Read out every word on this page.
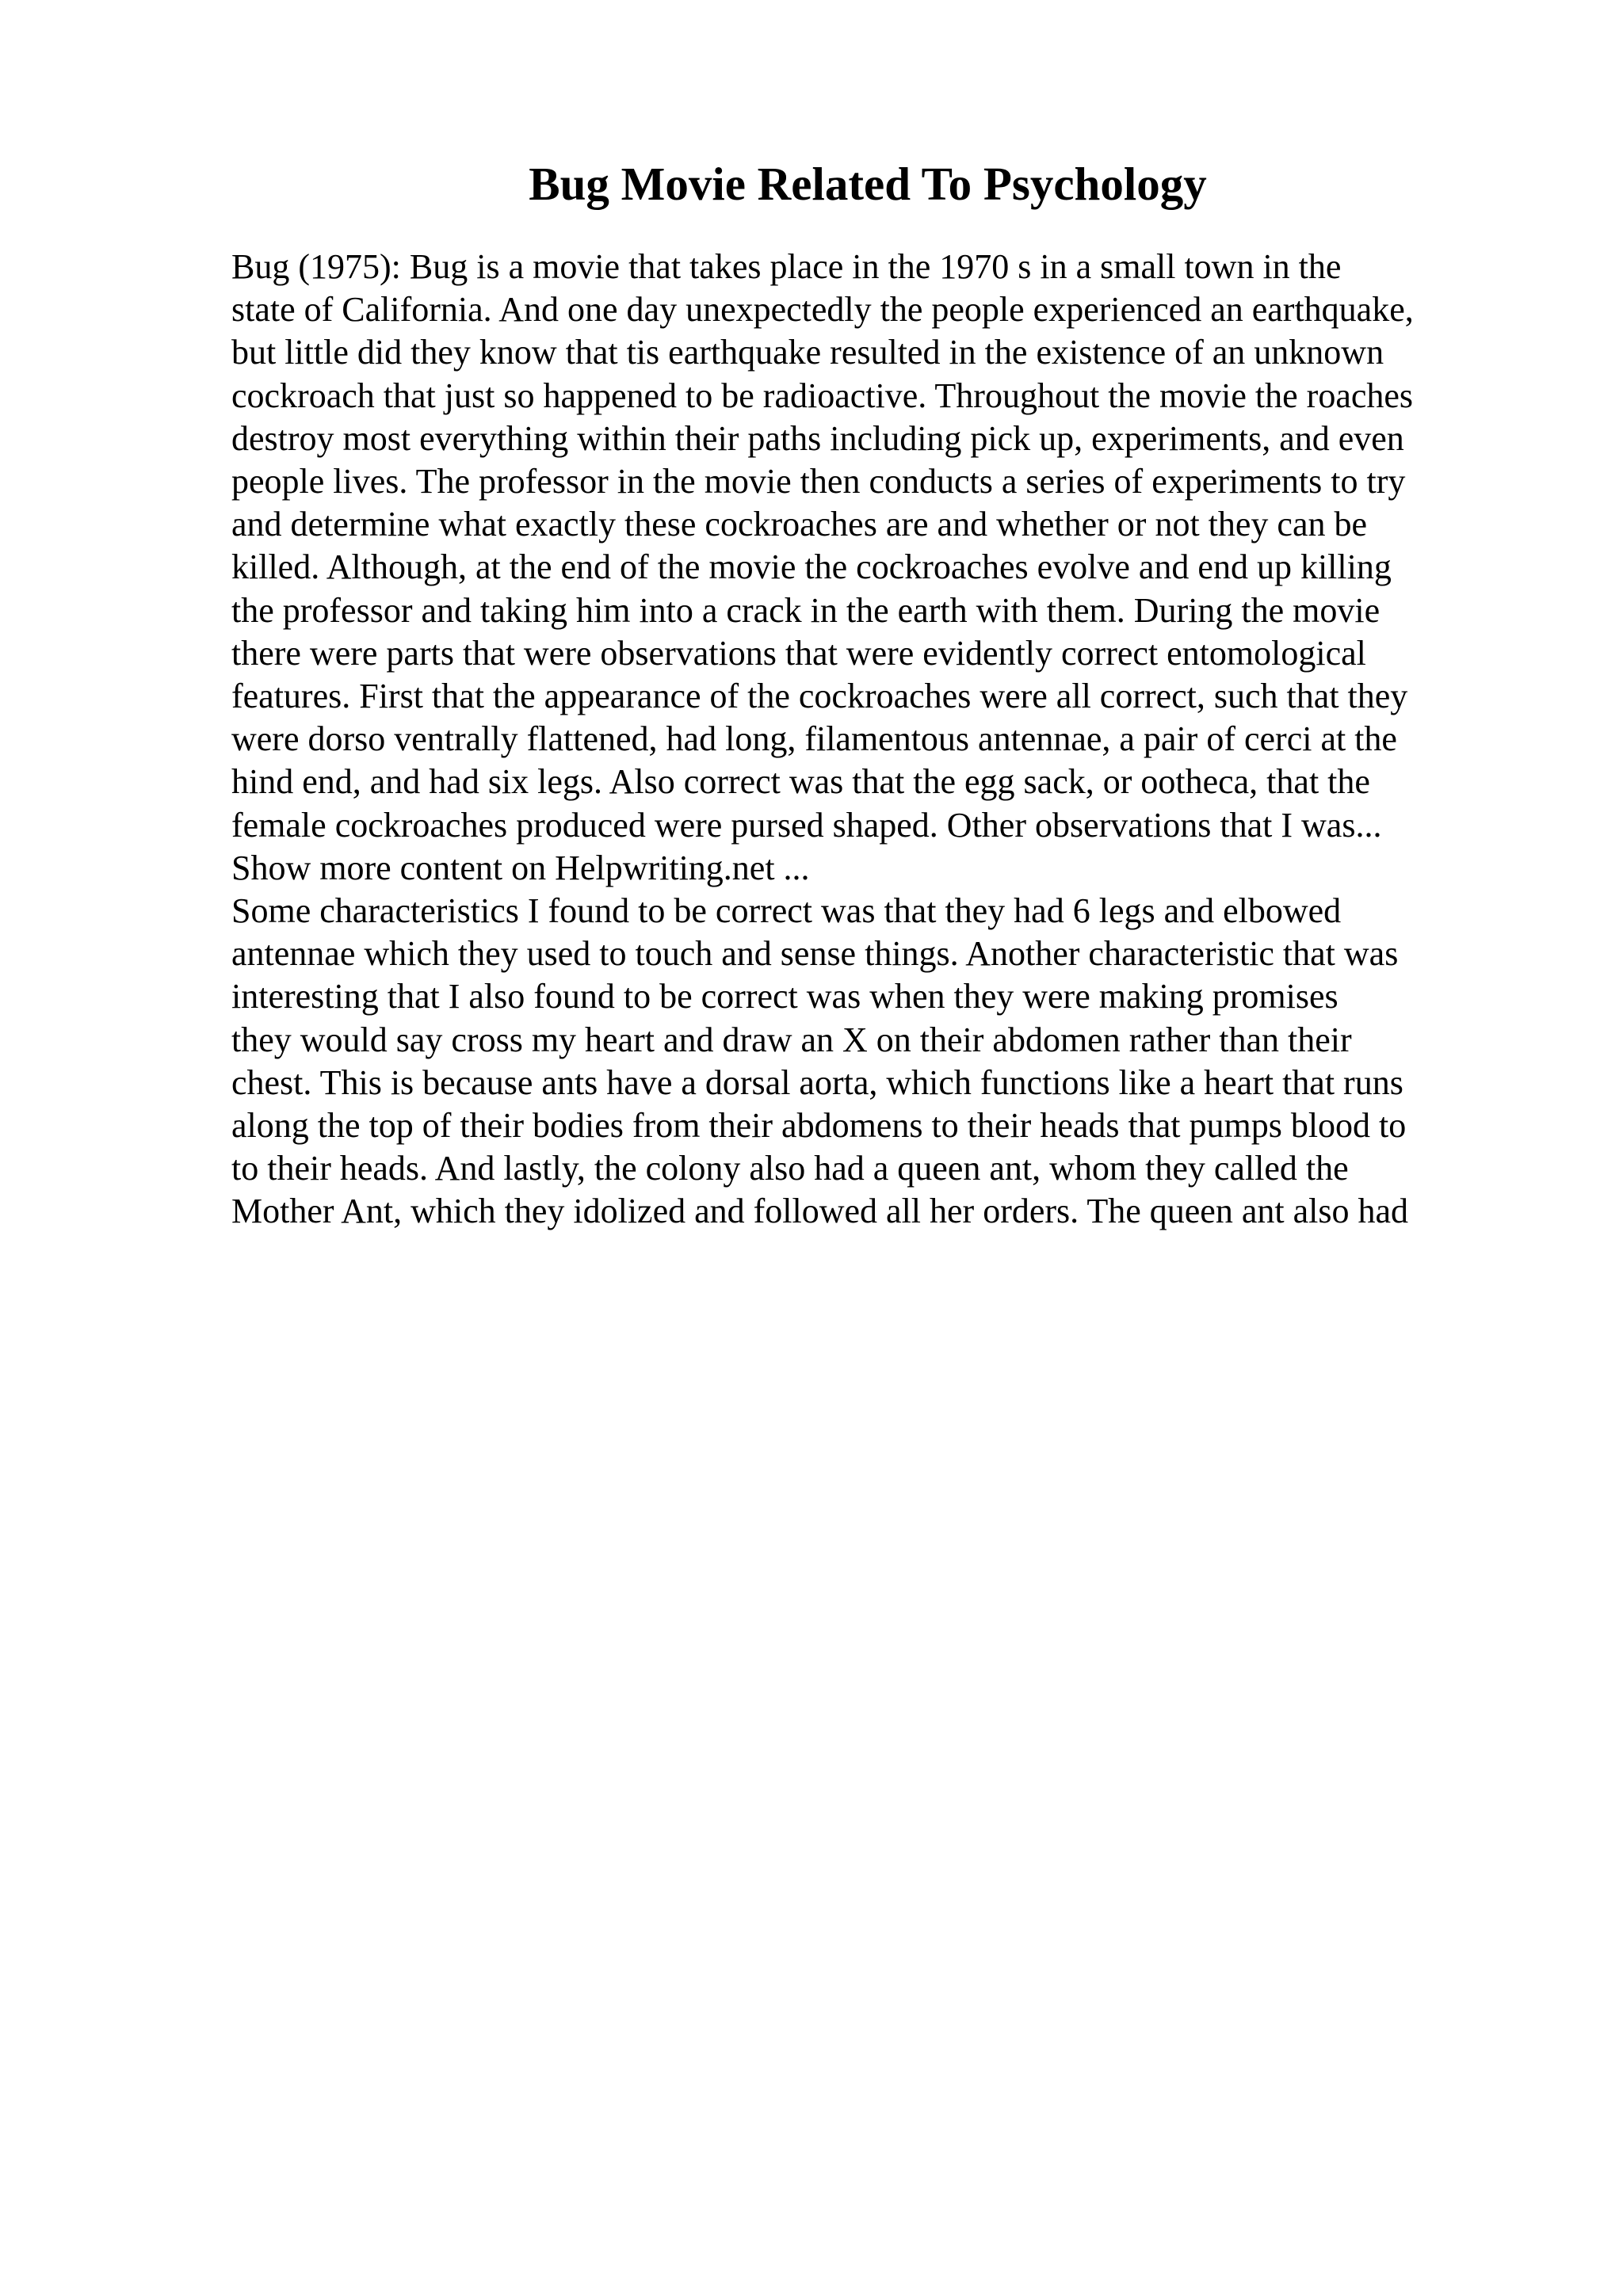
Bug Movie Related To Psychology
Bug (1975): Bug is a movie that takes place in the 1970 s in a small town in the
state of California. And one day unexpectedly the people experienced an earthquake,
but little did they know that tis earthquake resulted in the existence of an unknown
cockroach that just so happened to be radioactive. Throughout the movie the roaches
destroy most everything within their paths including pick up, experiments, and even
people lives. The professor in the movie then conducts a series of experiments to try
and determine what exactly these cockroaches are and whether or not they can be
killed. Although, at the end of the movie the cockroaches evolve and end up killing
the professor and taking him into a crack in the earth with them. During the movie
there were parts that were observations that were evidently correct entomological
features. First that the appearance of the cockroaches were all correct, such that they
were dorso ventrally flattened, had long, filamentous antennae, a pair of cerci at the
hind end, and had six legs. Also correct was that the egg sack, or ootheca, that the
female cockroaches produced were pursed shaped. Other observations that I was...
Show more content on Helpwriting.net ...
Some characteristics I found to be correct was that they had 6 legs and elbowed
antennae which they used to touch and sense things. Another characteristic that was
interesting that I also found to be correct was when they were making promises
they would say cross my heart and draw an X on their abdomen rather than their
chest. This is because ants have a dorsal aorta, which functions like a heart that runs
along the top of their bodies from their abdomens to their heads that pumps blood to
to their heads. And lastly, the colony also had a queen ant, whom they called the
Mother Ant, which they idolized and followed all her orders. The queen ant also had
